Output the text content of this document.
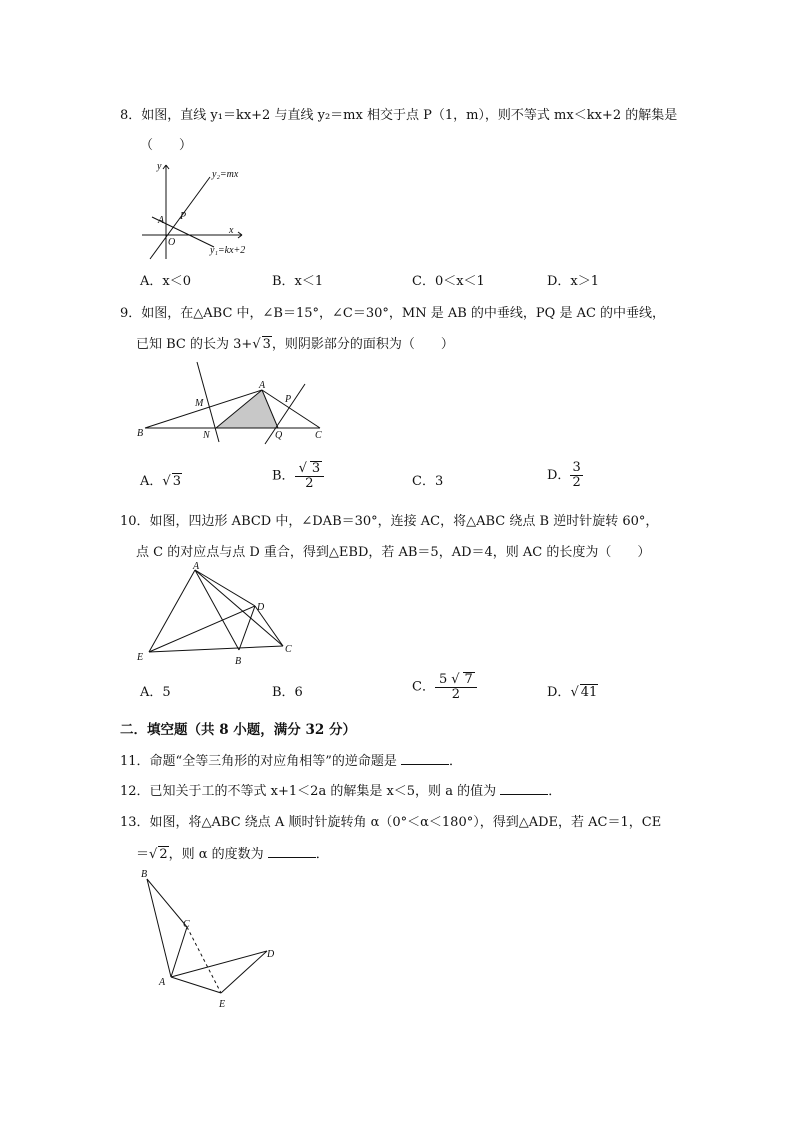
8．如图，直线 y₁＝kx+2 与直线 y₂＝mx 相交于点 P（1，m），则不等式 mx＜kx+2 的解集是
（　　）
y
x
O
A P
y₂=mx
y₁=kx+2
A．x＜0	B．x＜1	C．0＜x＜1	D．x＞1
9．如图，在△ABC 中，∠B＝15°，∠C＝30°，MN 是 AB 的中垂线，PQ 是 AC 的中垂线，
已知 BC 的长为 3+√ 3，则阴影部分的面积为（　　）
A
B	C
M
N
P
Q
A．√ 3	B． $\frac{√ 3}{2}$	C．3	D． $\frac{3}{2}$
10．如图，四边形 ABCD 中，∠DAB＝30°，连接 AC，将△ABC 绕点 B 逆时针旋转 60°，
点 C 的对应点与点 D 重合，得到△EBD，若 AB＝5，AD＝4，则 AC 的长度为（　　）
A
D
E	B
C
A．5	B．6	C． $\frac{5 √ 7}{2}$	D．√ 41
二．填空题（共 8 小题，满分 32 分）
11．命题“全等三角形的对应角相等”的逆命题是	．
12．已知关于工的不等式 x+1＜2a 的解集是 x＜5，则 a 的值为	．
13．如图，将△ABC 绕点 A 顺时针旋转角 α（0°＜α＜180°），得到△ADE，若 AC＝1，CE
＝√ 2，则 α 的度数为	．
B
C
A
D
E
